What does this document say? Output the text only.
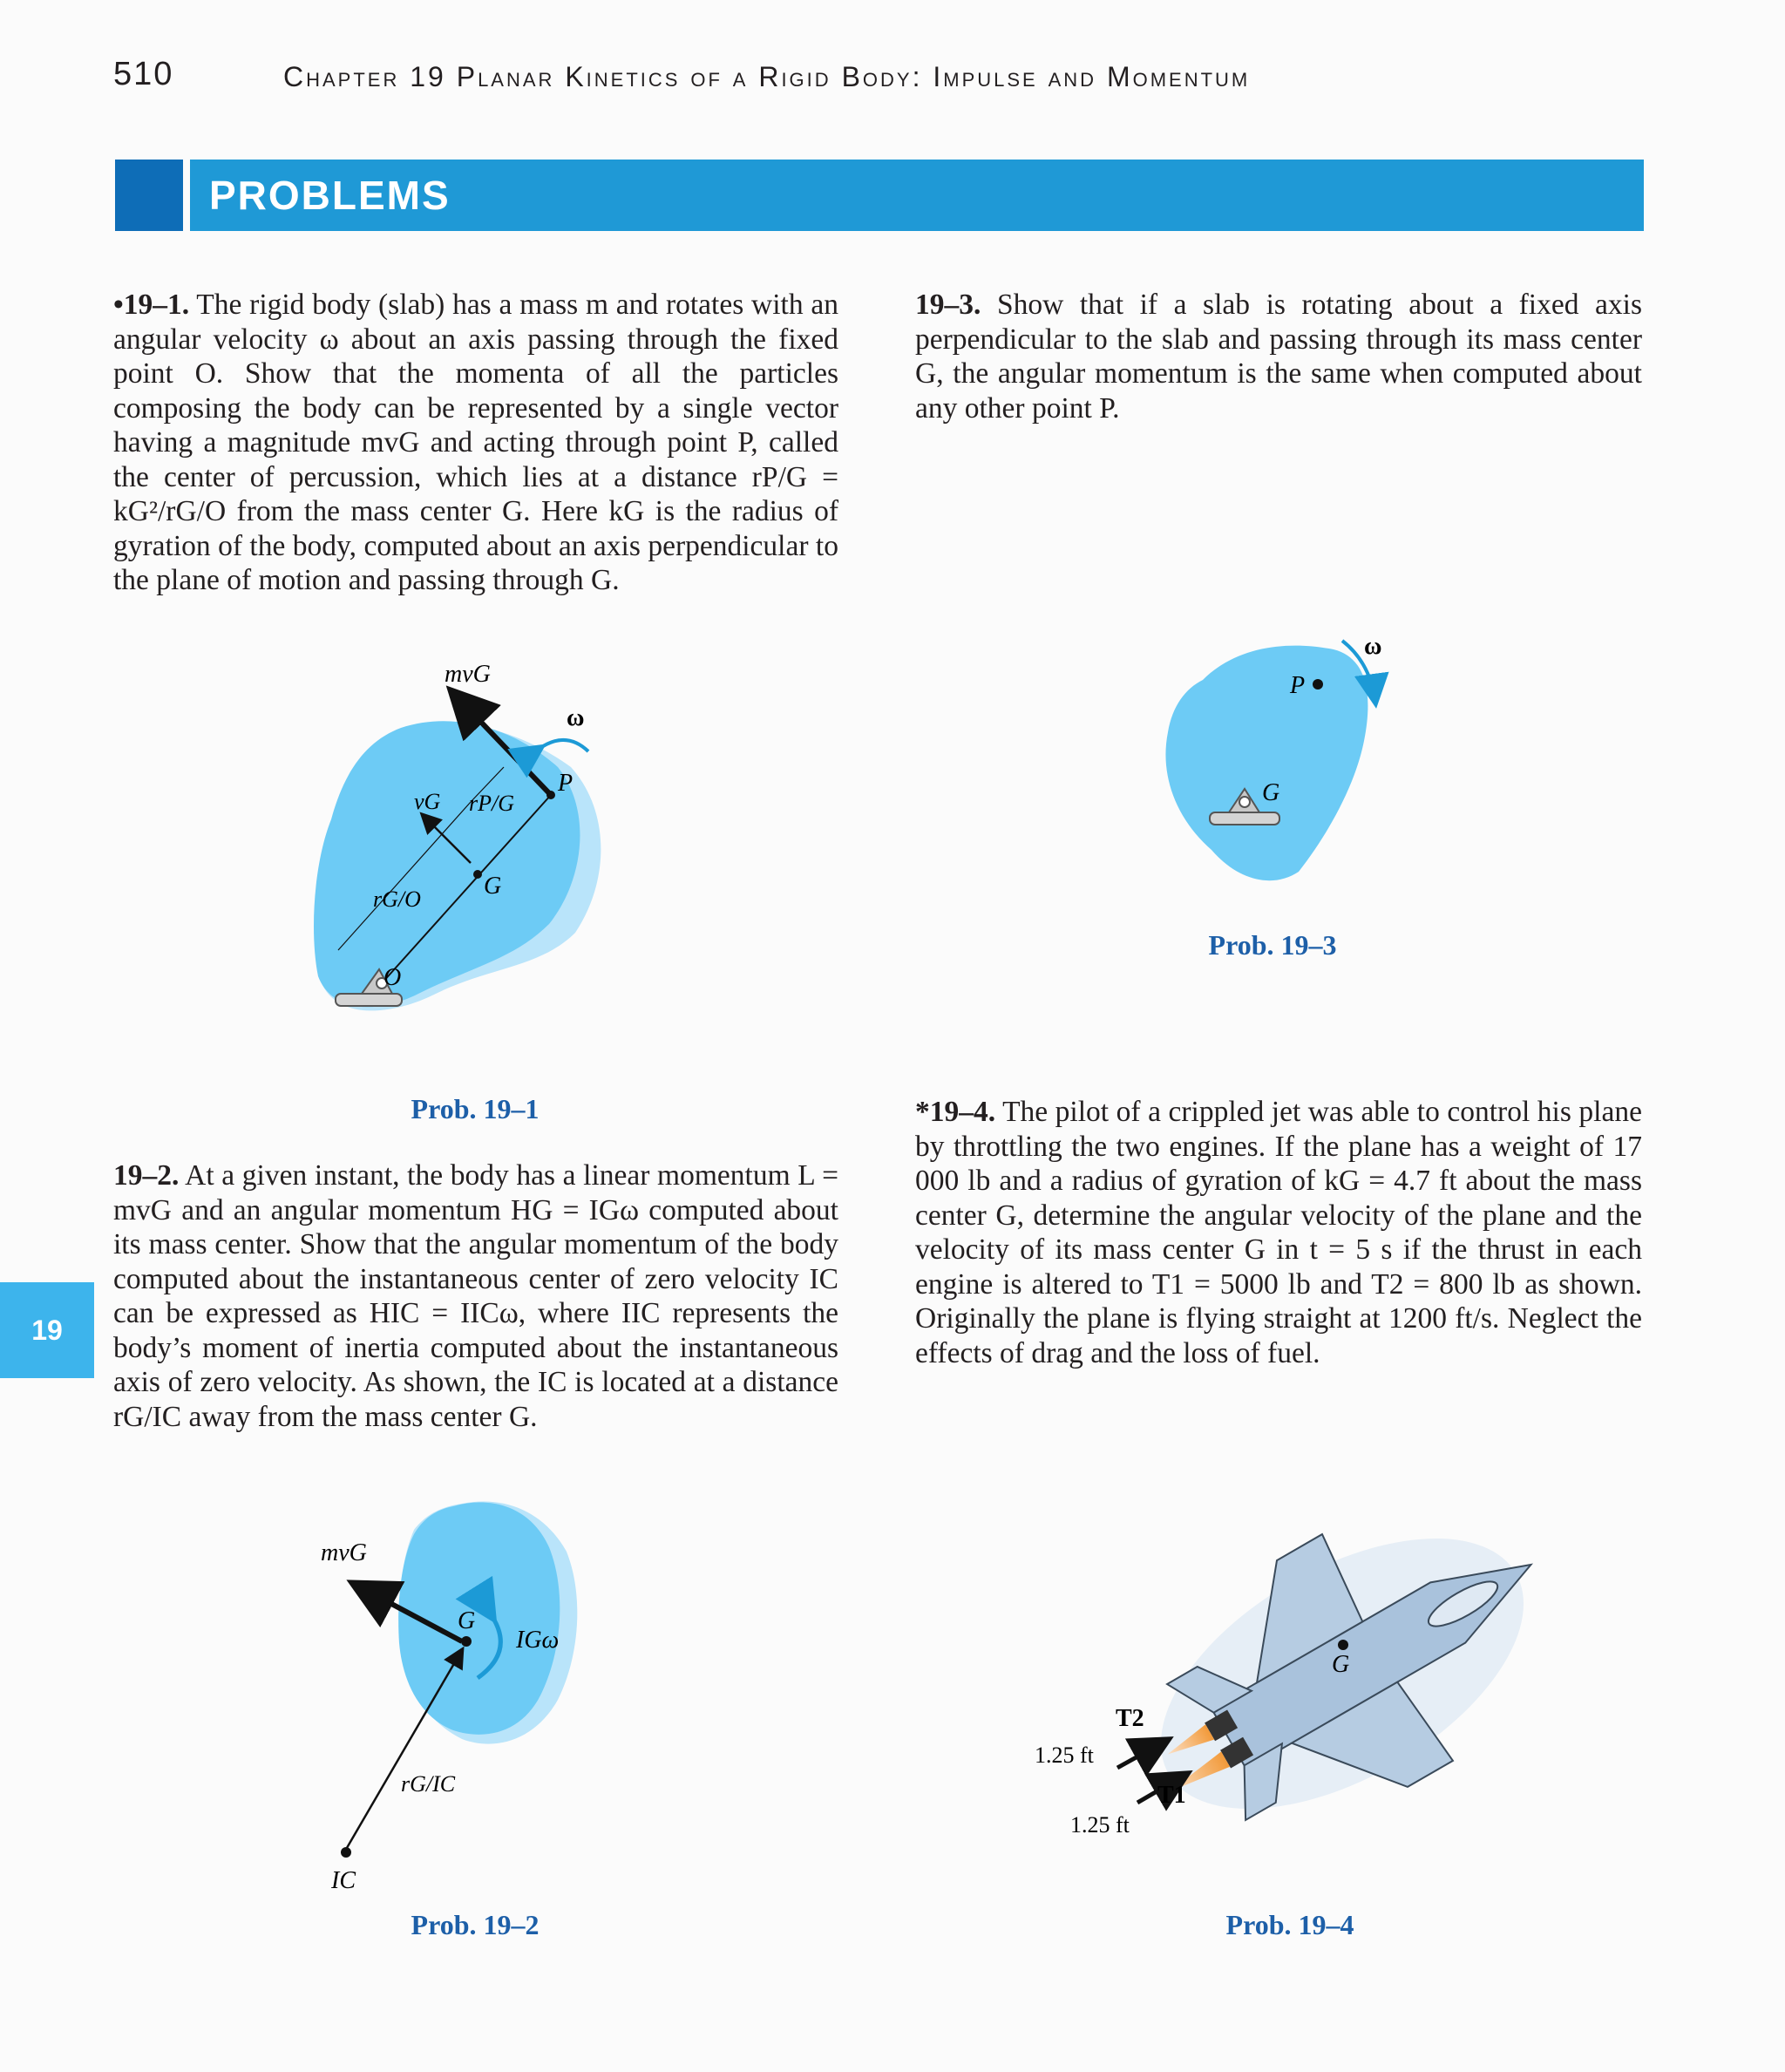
510	Chapter 19 Planar Kinetics of a Rigid Body: Impulse and Momentum
PROBLEMS
19
•19–1. The rigid body (slab) has a mass m and rotates with an angular velocity ω about an axis passing through the fixed point O. Show that the momenta of all the particles composing the body can be represented by a single vector having a magnitude mvG and acting through point P, called the center of percussion, which lies at a distance rP/G = kG²/rG/O from the mass center G. Here kG is the radius of gyration of the body, computed about an axis perpendicular to the plane of motion and passing through G.
19–3. Show that if a slab is rotating about a fixed axis perpendicular to the slab and passing through its mass center G, the angular momentum is the same when computed about any other point P.
19–2. At a given instant, the body has a linear momentum L = mvG and an angular momentum HG = IGω computed about its mass center. Show that the angular momentum of the body computed about the instantaneous center of zero velocity IC can be expressed as HIC = IICω, where IIC represents the body’s moment of inertia computed about the instantaneous axis of zero velocity. As shown, the IC is located at a distance rG/IC away from the mass center G.
*19–4. The pilot of a crippled jet was able to control his plane by throttling the two engines. If the plane has a weight of 17 000 lb and a radius of gyration of kG = 4.7 ft about the mass center G, determine the angular velocity of the plane and the velocity of its mass center G in t = 5 s if the thrust in each engine is altered to T1 = 5000 lb and T2 = 800 lb as shown. Originally the plane is flying straight at 1200 ft/s. Neglect the effects of drag and the loss of fuel.
mvG
ω
P
vG rP/G
G
rG/O
O
Prob. 19–1
ω
P
G
Prob. 19–3
mvG
G
IGω
rG/IC
IC
Prob. 19–2
G
T2
T1
1.25 ft
1.25 ft
Prob. 19–4
